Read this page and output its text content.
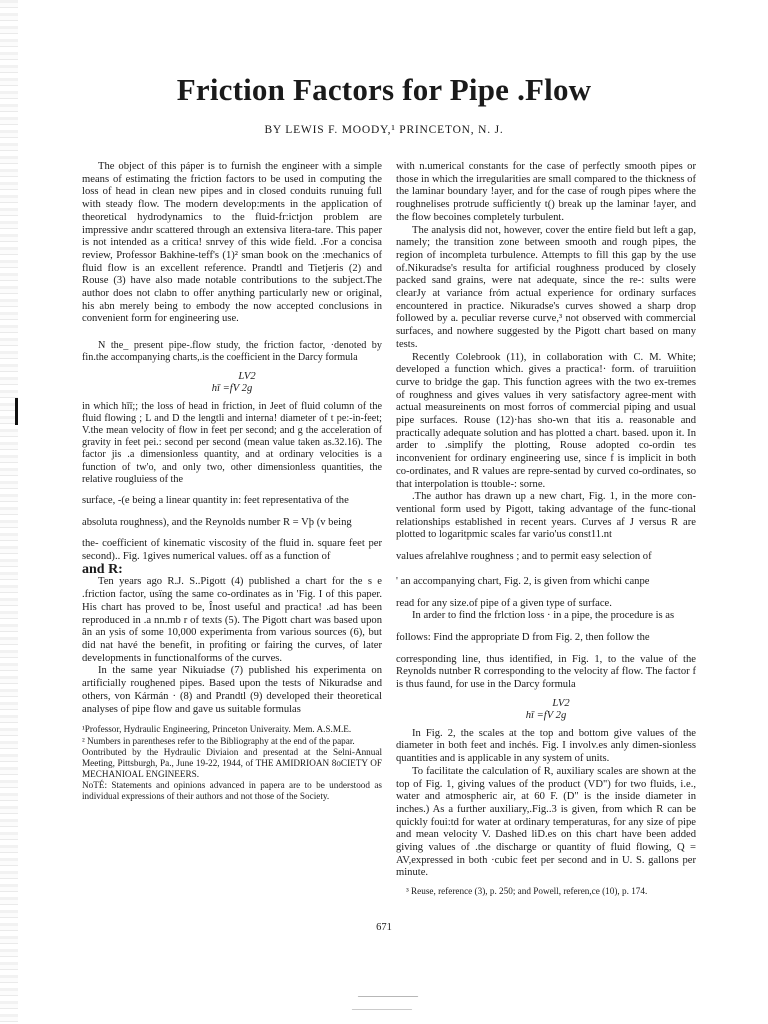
Friction Factors for Pipe .Flow
BY LEWIS F. MOODY,¹ PRINCETON, N. J.

The object of this páper is to furnish the engineer with a simple means of estimating the friction factors to be used in computing the loss of head in clean new pipes and in closed conduits runuing full with steady flow. The modern develop:ments in the application of theoretical hydrodynamics to the fluid-fr:ictjon problem are impressive andır scattered through an extensiva litera-tare. This paper is not intended as a critica! snrvey of this wide field. .For a concisa review, Professor Bakhine-teff's (1)² sman book on the :mechanics of fluid flow is an excellent reference. Prandtl and Tietjeris (2) and Rouse (3) have also made notable contributions to the subject.The author does not clabn to offer anything particularly new or original, his abn merely being to embody the now accepted conclusions in convenient form for engineering use.

N the_ present pipe-.flow study, the friction factor, ·denoted by fin.the accompanying charts,.is the coefficient in the Darcy formula

LV2
hī =fV 2g

in which hīī;; the loss of head in friction, in Jeet of fluid column of the fluid flowing ; L and D the lengtli and interna! diameter of t pe:-in-feet; V.the mean velocity of flow in feet per second; and g the acceleration of gravity in feet pei.: second per second (mean value taken as.32.16). The factor jis .a dimensionless quantity, and at ordinary velocities is a function of tw'o, and only two, other dimensionless quantities, the relative rougluiess of the

surface, -(e being a linear quantity in: feet representativa of the

absoluta roughness), and the Reynolds number R = Vþ (v being

the- coefficient of kinematic viscosity of the fluid in. square feet per second).. Fig. 1gives numerical values. off as a function of

and R:

Ten years ago R.J. S..Pigott (4) published a chart for the s e .friction factor, usïng the same co-ordinates as in 'Fig. I of this paper. His chart has proved to be, Înost useful and practica! .ad has been reproduced in .a nn.mb r of texts (5). The Pigott chart was based upon ân an ysis of some 10,000 experimenta from various sources (6), but did nat havé the benefit, in profiting or fairing the curves, of later developments in functionalforms of the curves.

In the same year Nikuiadse (7) published his experimenta on artificially roughened pipes. Based upon the tests of Nikuradse and others, von Kármán · (8) and Prandtl (9) developed their theoretical analyses of pipe flow and gave us suitable formulas

¹Professor, Hydraulic Engineering, Princeton Univeraity. Mem. A.S.M.E.

² Numbers in parentheses refer to the Bibliography at the end of the papar.

Oontributed by the Hydraulic Diviaion and presentad at the Selni-Annual Meeting, Pittsburgh, Pa., June 19-22, 1944, of THE AMIDRIOAN 8oCIETY OF MECHANIOAL ENGINEERS.

NoTÉ: Statements and opinions advanced in papera are to be understood as individual expressions of their authors and not those of the Society.

with n.umerical constants for the case of perfectly smooth pipes or those in which the irregularities are small compared to the thickness of the laminar boundary !ayer, and for the case of rough pipes where the roughnelises protrude sufficiently t() break up the laminar !ayer, and the flow becoines completely turbulent.

The analysis did not, however, cover the entire field but left a gap, namely; the transition zone between smooth and rough pipes, the region of incompleta turbulence. Attempts to fill this gap by the use of.Nikuradse's resulta for artificial roughness produced by closely packed sand grains, were nat adequate, since the re-: sults were clearJy at variance fróm actual experience for ordinary surfaces encountered in practice. Nikuradse's curves showed a sharp drop followed by a. peculiar reverse curve,³ not observed with commercial surfaces, and nowhere suggested by the Pigott chart based on many tests.

Recently Colebrook (11), in collaboration with C. M. White; developed a function which. gives a practica!· form. of traruiition curve to bridge the gap. This function agrees with the two ex-tremes of roughness and gives values ih very satisfactory agree-ment with actual measureinents on most forros of commercial piping and usual pipe surfaces. Rouse (12)·has sho-wn that itis a. reasonable and practically adequate solution and has plotted a chart. based. upon it. In arder to .simplify the plotting, Rouse adopted co-ordin tes inconvenient for ordinary engineering use, since f is implicit in both co-ordinates, and R values are repre-sentad by curved co-ordinates, so that interpolation is ttouble-: sorne.

.The author has drawn up a new chart, Fig. 1, in the more con-ventional form used by Pigott, taking advantage of the func-tional relationships established in recent years. Curves af J versus R are plotted to logaritpmic scales far vario'us const11.nt

values afrelahlve roughness ; and to permit easy selection of

' an accompanying chart, Fig. 2, is given from whichi canpe

read for any size.of pipe of a given type of surface.

In arder to find the frlction loss · in a pipe, the procedure is as

follows: Find the appropriate D from Fig. 2, then follow the

corresponding line, thus identified, in Fig. 1, to the value of the Reynolds nutnber R corresponding to the velocity af flow. The factor f is thus faund, for use in the Darcy formula

LV2
hī =fV 2g

In Fig. 2, the scales at the top and bottom give values of the diameter in both feet and inchés. Fig. I involv.es anly dimen-sionless quantities and is applicable in any system of units.

To facilitate the calculation of R, auxiliary scales are shown at the top of Fig. 1, giving values of the product (VD") for two fluids, i.e., water and atmospheric air, at 60 F. (D" is the inside diameter in inches.) As a further auxiliary,.Fig..3 is given, from which R can be quickly foui:td for water at ordinary temperaturas, for any size of pipe and mean velocity V. Dashed liD.es on this chart have been added giving values of .the discharge or quantity of fluid flowing, Q = AV,expressed in both ·cubic feet per second and in U. S. gallons per minute.

³ Reuse, reference (3), p. 250; and Powell, referen,ce (10), p. 174.

671
